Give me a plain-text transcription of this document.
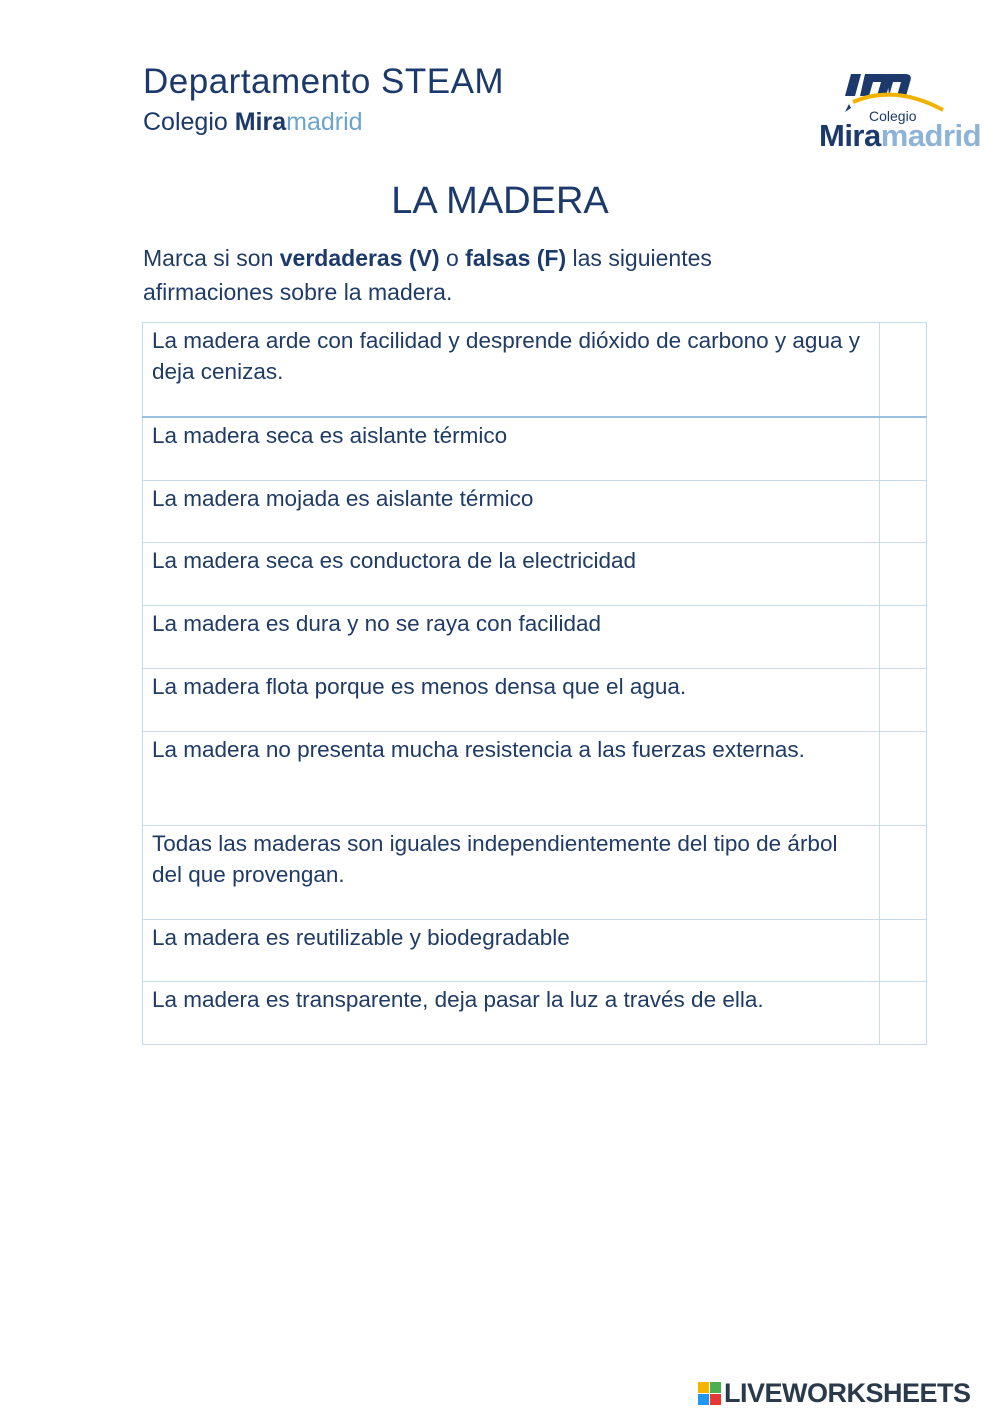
Departamento STEAM
Colegio Miramadrid	Colegio
Miramadrid
LA MADERA
Marca si son verdaderas (V) o falsas (F) las siguientes afirmaciones sobre la madera.
La madera arde con facilidad y desprende dióxido de carbono y agua y deja cenizas.	
La madera seca es aislante térmico	
La madera mojada es aislante térmico	
La madera seca es conductora de la electricidad	
La madera es dura y no se raya con facilidad	
La madera flota porque es menos densa que el agua.	
La madera no presenta mucha resistencia a las fuerzas externas.	
Todas las maderas son iguales independientemente del tipo de árbol del que provengan.	
La madera es reutilizable y biodegradable	
La madera es transparente, deja pasar la luz a través de ella.	
LIVEWORKSHEETS
